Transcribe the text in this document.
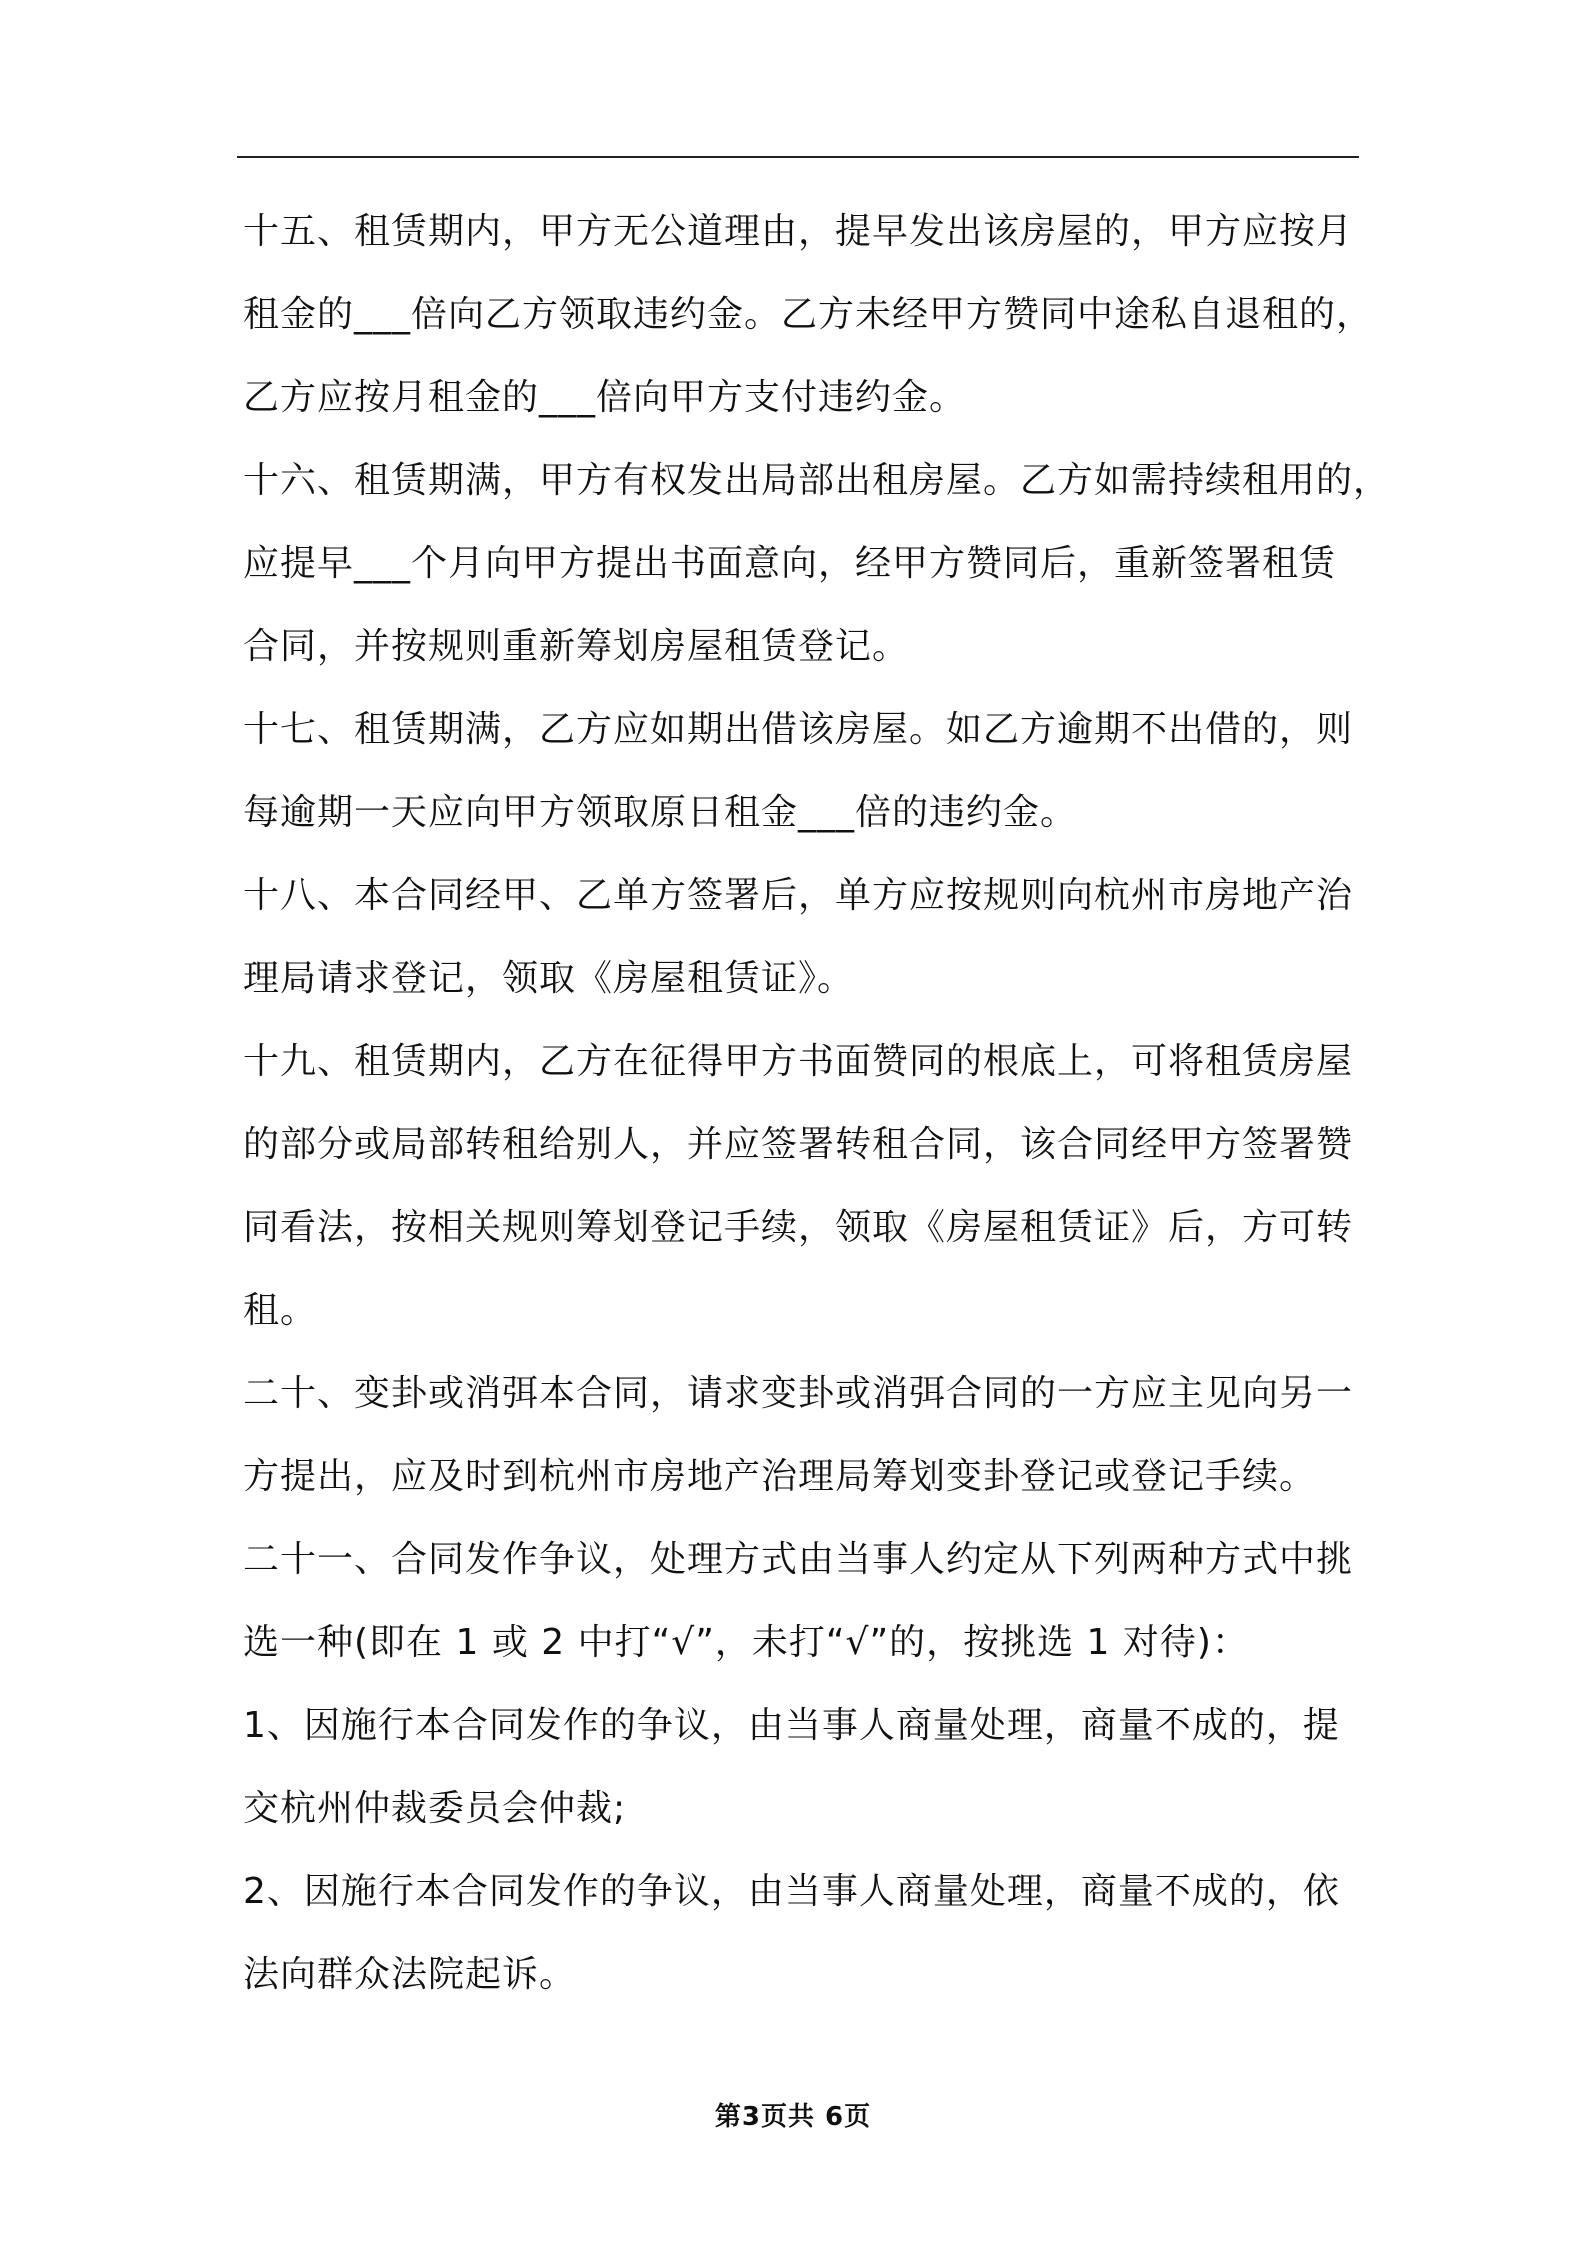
十五、租赁期内，甲方无公道理由，提早发出该房屋的，甲方应按月

租金的___倍向乙方领取违约金。乙方未经甲方赞同中途私自退租的，

乙方应按月租金的___倍向甲方支付违约金。

十六、租赁期满，甲方有权发出局部出租房屋。乙方如需持续租用的，

应提早___个月向甲方提出书面意向，经甲方赞同后，重新签署租赁

合同，并按规则重新筹划房屋租赁登记。

十七、租赁期满，乙方应如期出借该房屋。如乙方逾期不出借的，则

每逾期一天应向甲方领取原日租金___倍的违约金。

十八、本合同经甲、乙单方签署后，单方应按规则向杭州市房地产治

理局请求登记，领取《房屋租赁证》。

十九、租赁期内，乙方在征得甲方书面赞同的根底上，可将租赁房屋

的部分或局部转租给别人，并应签署转租合同，该合同经甲方签署赞

同看法，按相关规则筹划登记手续，领取《房屋租赁证》后，方可转

租。

二十、变卦或消弭本合同，请求变卦或消弭合同的一方应主见向另一

方提出，应及时到杭州市房地产治理局筹划变卦登记或登记手续。

二十一、合同发作争议，处理方式由当事人约定从下列两种方式中挑

选一种(即在 1 或 2 中打“√”，未打“√”的，按挑选 1 对待)：

1、因施行本合同发作的争议，由当事人商量处理，商量不成的，提

交杭州仲裁委员会仲裁;

2、因施行本合同发作的争议，由当事人商量处理，商量不成的，依

法向群众法院起诉。

第3页共 6页
